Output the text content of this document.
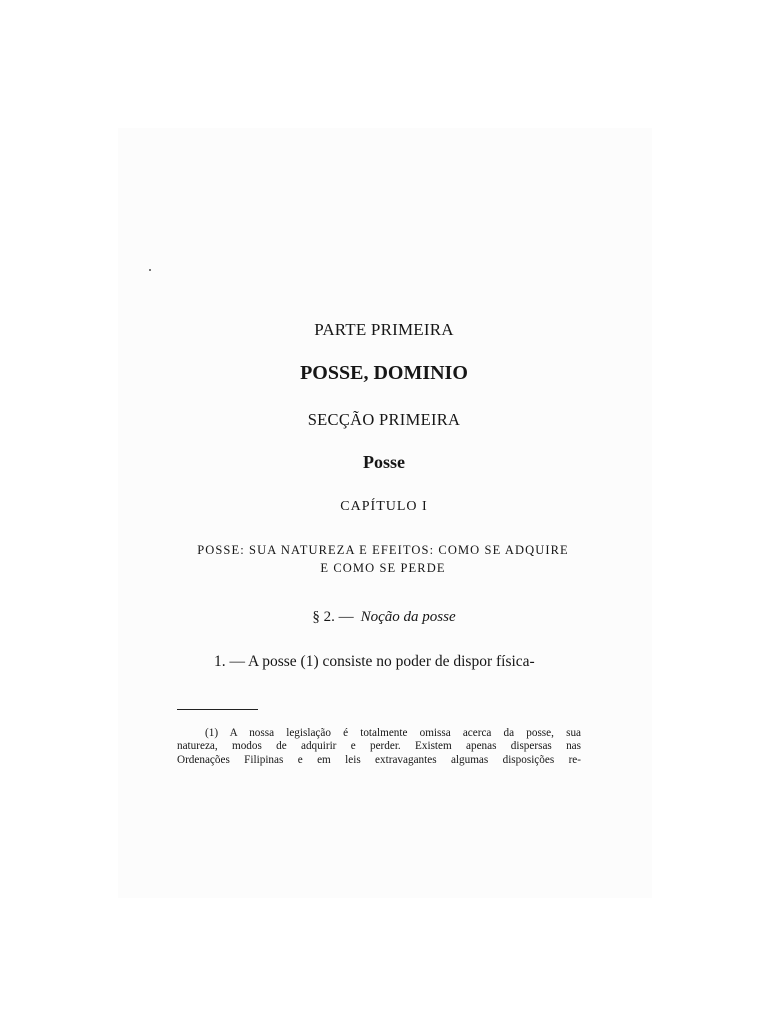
PARTE PRIMEIRA

POSSE, DOMINIO

SECÇÃO PRIMEIRA

Posse

CAPÍTULO I

POSSE: SUA NATUREZA E EFEITOS: COMO SE ADQUIRE
E COMO SE PERDE

§ 2. — Noção da posse

1. — A posse (1) consiste no poder de dispor física-

(1) A nossa legislação é totalmente omissa acerca da posse, sua
natureza, modos de adquirir e perder. Existem apenas dispersas nas
Ordenações Filipinas e em leis extravagantes algumas disposições re-
